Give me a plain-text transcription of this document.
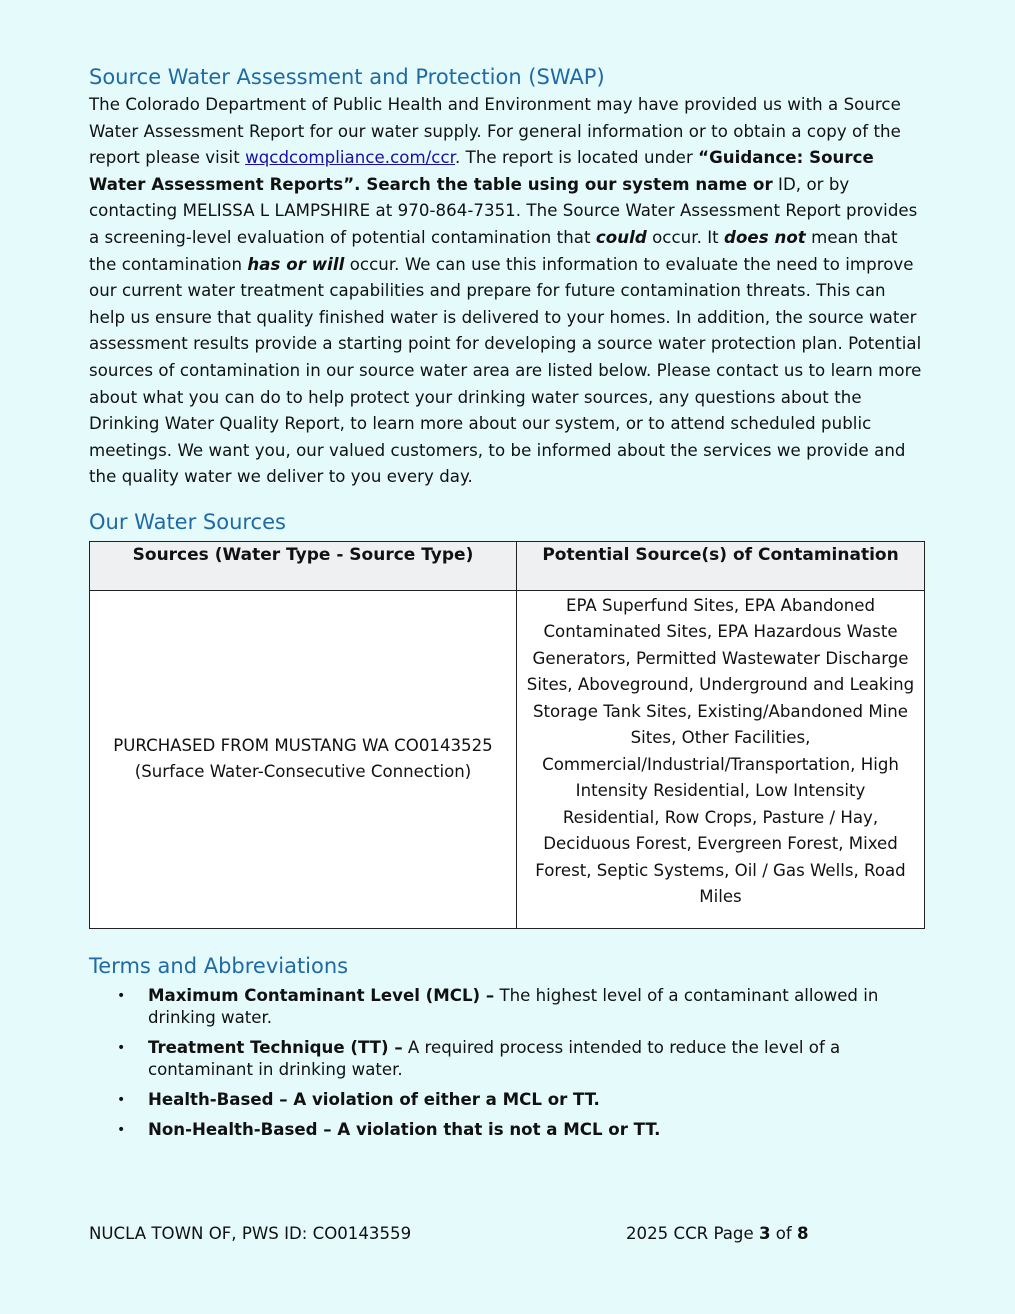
Source Water Assessment and Protection (SWAP)

The Colorado Department of Public Health and Environment may have provided us with a Source Water Assessment Report for our water supply. For general information or to obtain a copy of the report please visit wqcdcompliance.com/ccr. The report is located under “Guidance: Source Water Assessment Reports”. Search the table using our system name or ID, or by contacting MELISSA L LAMPSHIRE at 970-864-7351. The Source Water Assessment Report provides a screening-level evaluation of potential contamination that could occur. It does not mean that the contamination has or will occur. We can use this information to evaluate the need to improve our current water treatment capabilities and prepare for future contamination threats. This can help us ensure that quality finished water is delivered to your homes. In addition, the source water assessment results provide a starting point for developing a source water protection plan. Potential sources of contamination in our source water area are listed below. Please contact us to learn more about what you can do to help protect your drinking water sources, any questions about the Drinking Water Quality Report, to learn more about our system, or to attend scheduled public meetings. We want you, our valued customers, to be informed about the services we provide and the quality water we deliver to you every day.

Our Water Sources
Sources (Water Type - Source Type)	Potential Source(s) of Contamination

PURCHASED FROM MUSTANG WA CO0143525
(Surface Water-Consecutive Connection)	EPA Superfund Sites, EPA Abandoned Contaminated Sites, EPA Hazardous Waste Generators, Permitted Wastewater Discharge Sites, Aboveground, Underground and Leaking Storage Tank Sites, Existing/Abandoned Mine Sites, Other Facilities, Commercial/Industrial/Transportation, High Intensity Residential, Low Intensity Residential, Row Crops, Pasture / Hay, Deciduous Forest, Evergreen Forest, Mixed Forest, Septic Systems, Oil / Gas Wells, Road Miles
Terms and Abbreviations
• Maximum Contaminant Level (MCL) – The highest level of a contaminant allowed in drinking water.
• Treatment Technique (TT) – A required process intended to reduce the level of a contaminant in drinking water.
• Health-Based – A violation of either a MCL or TT.
• Non-Health-Based – A violation that is not a MCL or TT.
NUCLA TOWN OF, PWS ID: CO0143559	2025 CCR Page 3 of 8
